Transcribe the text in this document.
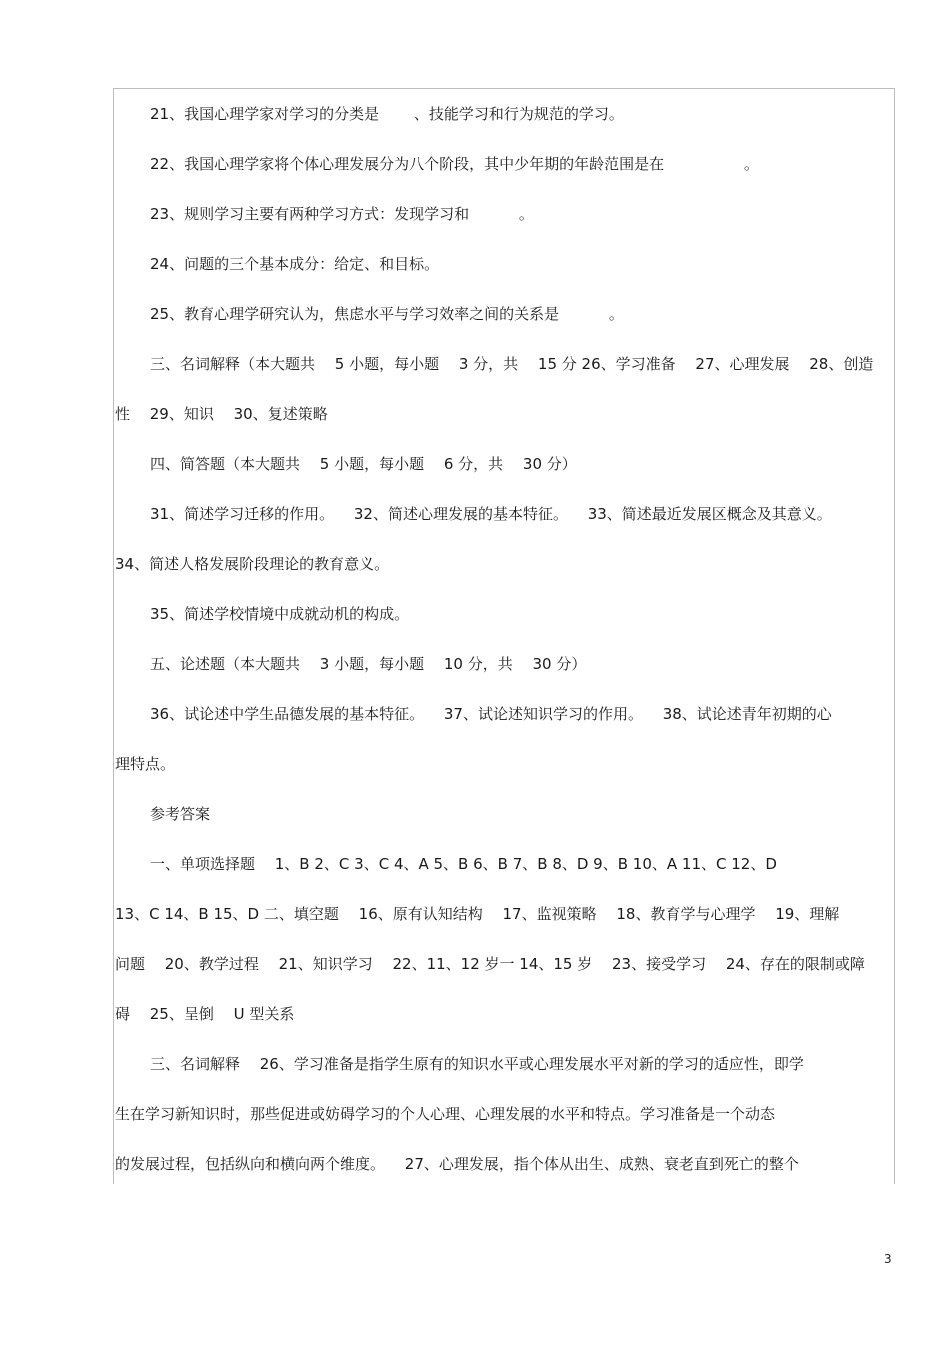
21、我国心理学家对学习的分类是 　　、技能学习和行为规范的学习。
22、我国心理学家将个体心理发展分为八个阶段，其中少年期的年龄范围是在 　　　　　。
23、规则学习主要有两种学习方式：发现学习和 　　　。
24、问题的三个基本成分：给定、和目标。
25、教育心理学研究认为，焦虑水平与学习效率之间的关系是 　　　。
三、名词解释（本大题共 　5 小题，每小题 　3 分，共 　15 分 26、学习准备 　27、心理发展 　28、创造
性 　29、知识 　30、复述策略
四、简答题（本大题共 　5 小题，每小题 　6 分，共 　30 分）
31、简述学习迁移的作用。 　32、简述心理发展的基本特征。 　33、简述最近发展区概念及其意义。
34、简述人格发展阶段理论的教育意义。
35、简述学校情境中成就动机的构成。
五、论述题（本大题共 　3 小题，每小题 　10 分，共 　30 分）
36、试论述中学生品德发展的基本特征。 　37、试论述知识学习的作用。 　38、试论述青年初期的心
理特点。
参考答案
一、单项选择题 　1、B 2、C 3、C 4、A 5、B 6、B 7、B 8、D 9、B 10、A 11、C 12、D
13、C 14、B 15、D 二、填空题 　16、原有认知结构 　17、监视策略 　18、教育学与心理学 　19、理解
问题 　20、教学过程 　21、知识学习 　22、11、12 岁一 14、15 岁 　23、接受学习 　24、存在的限制或障
碍 　25、呈倒 　U 型关系
三、名词解释 　26、学习准备是指学生原有的知识水平或心理发展水平对新的学习的适应性，即学
生在学习新知识时，那些促进或妨碍学习的个人心理、心理发展的水平和特点。学习准备是一个动态
的发展过程，包括纵向和横向两个维度。 　27、心理发展，指个体从出生、成熟、衰老直到死亡的整个
3
